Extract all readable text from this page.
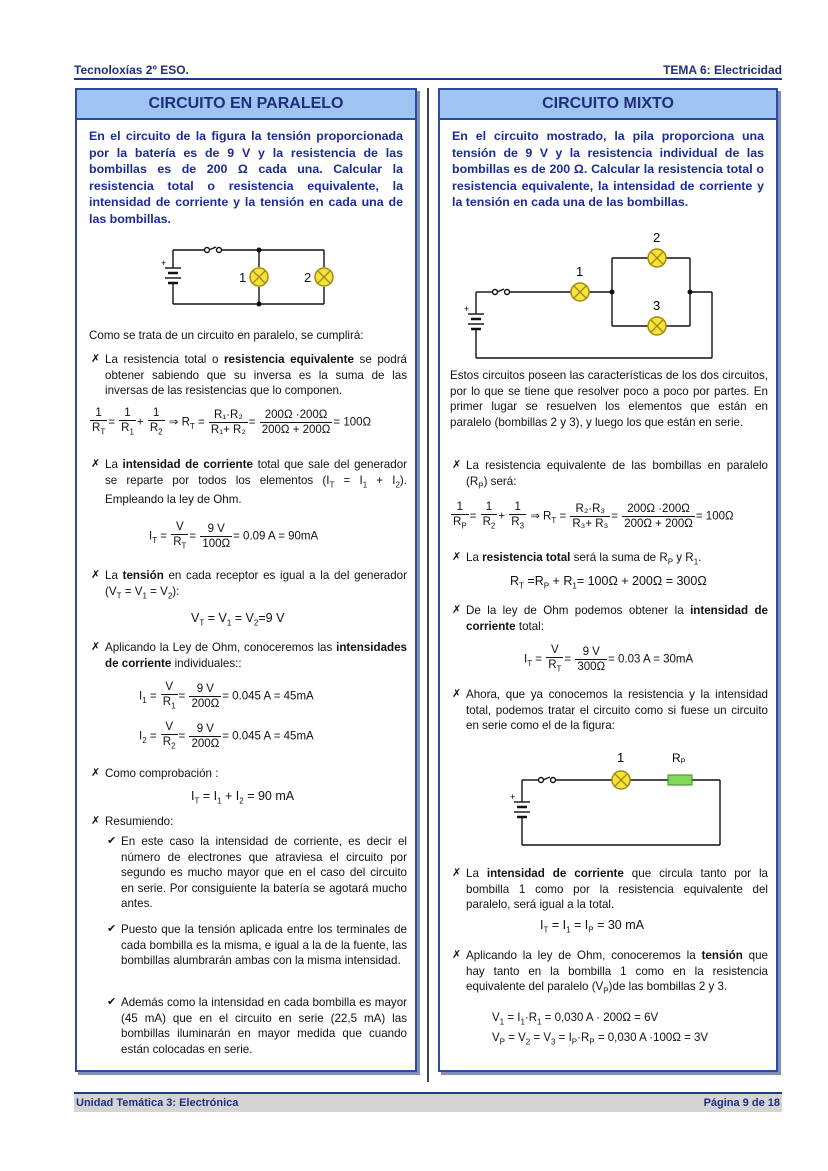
Tecnoloxías 2º ESO.	TEMA 6: Electricidad
CIRCUITO EN PARALELO
En el circuito de la figura la tensión proporcionada por la batería es de 9 V y la resistencia de las bombillas es de 200 Ω cada una. Calcular la resistencia total o resistencia equivalente, la intensidad de corriente y la tensión en cada una de las bombillas.
+
1	2
Como se trata de un circuito en paralelo, se cumplirá:
✗ La resistencia total o resistencia equivalente se podrá obtener sabiendo que su inversa es la suma de las inversas de las resistencias que lo componen.
$\frac{1}{R_T} = \frac{1}{R_1} + \frac{1}{R_2}$ ⇒ $R_T = \frac{\text{R₁·R₂}}{\text{R₁+ R₂}} = \frac{200\Omega \cdot 200\Omega}{200\Omega + 200\Omega} = 100\Omega$
✗ La intensidad de corriente total que sale del generador se reparte por todos los elementos $(I_T = I_1 + I_2)$. Empleando la ley de Ohm.
$I_T = \frac{V}{R_T} = \frac{9 V}{100\Omega} = 0.09$ A = 90mA
✗ La tensión en cada receptor es igual a la del generador $(V_T = V_1 = V_2)$:
$V_T = V_1 = V_2=9$ V
✗ Aplicando la Ley de Ohm, conoceremos las intensidades de corriente individuales::
$I_1 = \frac{V}{R_1} = \frac{9 V}{200\Omega} = 0.045$ A = 45mA
$I_2 = \frac{V}{R_2} = \frac{9 V}{200\Omega} = 0.045$ A = 45mA
✗ Como comprobación :
$I_T = I_1 + I_2 = 90$ mA
✗ Resumiendo:
✔ En este caso la intensidad de corriente, es decir el número de electrones que atraviesa el circuito por segundo es mucho mayor que en el caso del circuito en serie. Por consiguiente la batería se agotará mucho antes.
✔ Puesto que la tensión aplicada entre los terminales de cada bombilla es la misma, e igual a la de la fuente, las bombillas alumbrarán ambas con la misma intensidad.
✔ Además como la intensidad en cada bombilla es mayor (45 mA) que en el circuito en serie (22,5 mA) las bombillas iluminarán en mayor medida que cuando están colocadas en serie.
CIRCUITO MIXTO
En el circuito mostrado, la pila proporciona una tensión de 9 V y la resistencia individual de las bombillas es de 200 Ω. Calcular la resistencia total o resistencia equivalente, la intensidad de corriente y la tensión en cada una de las bombillas.
+
1
2
3
Estos circuitos poseen las características de los dos circuitos, por lo que se tiene que resolver poco a poco por partes. En primer lugar se resuelven los elementos que están en paralelo (bombillas 2 y 3), y luego los que están en serie.
✗ La resistencia equivalente de las bombillas en paralelo $(R_P)$ será:
$\frac{1}{R_P} = \frac{1}{R_2} + \frac{1}{R_3}$ ⇒ $R_T = \frac{\text{R₂·R₃}}{\text{R₃+ R₃}} = \frac{200\Omega \cdot 200\Omega}{200\Omega + 200\Omega} = 100\Omega$
✗ La resistencia total será la suma de $R_P$ y $R_1$.
$R_T =R_P + R_1= 100\Omega + 200\Omega = 300\Omega$
✗ De la ley de Ohm podemos obtener la intensidad de corriente total:
$I_T = \frac{V}{R_T} = \frac{9 V}{300\Omega} = 0.03$ A = 30mA
✗ Ahora, que ya conocemos la resistencia y la intensidad total, podemos tratar el circuito como si fuese un circuito en serie como el de la figura:
+
1	Rₚ
✗ La intensidad de corriente que circula tanto por la bombilla 1 como por la resistencia equivalente del paralelo, será igual a la total.
$I_T = I_1 = I_P = 30$ mA
✗ Aplicando la ley de Ohm, conoceremos la tensión que hay tanto en la bombilla 1 como en la resistencia equivalente del paralelo $(V_P)de$ las bombillas 2 y 3.
$V_1 = I_1\cdot R_1 = 0,030$ A · 200Ω = 6V
$V_P = V_2 = V_3 = I_P\cdot R_P = 0,030$ A ·100Ω = 3V
Unidad Temática 3: Electrónica	Página 9 de 18
